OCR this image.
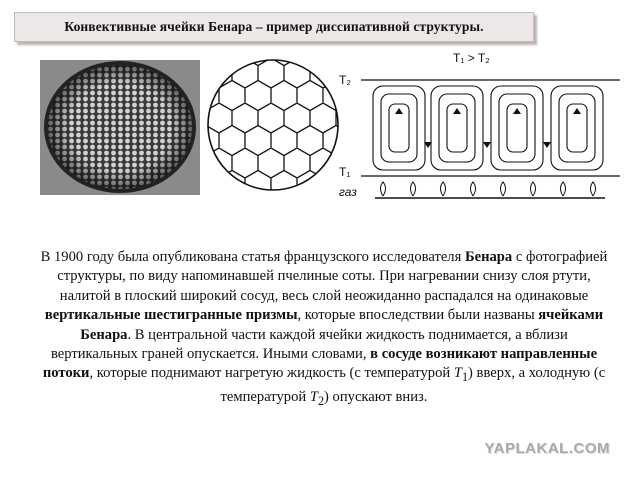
Конвективные ячейки Бенара – пример диссипативной структуры.
T₁ > T₂
T₂
T₁
газ

В 1900 году была опубликована статья французского исследователя Бенара с фотографией структуры, по виду напоминавшей пчелиные соты. При нагревании снизу слоя ртути, налитой в плоский широкий сосуд, весь слой неожиданно распадался на одинаковые вертикальные шестигранные призмы, которые впоследствии были названы ячейками Бенара. В центральной части каждой ячейки жидкость поднимается, а вблизи вертикальных граней опускается. Иными словами, в сосуде возникают направленные потоки, которые поднимают нагретую жидкость (с температурой $T_1$) вверх, а холодную (с температурой $T_2$) опускают вниз.

YAPLAKAL.COM
